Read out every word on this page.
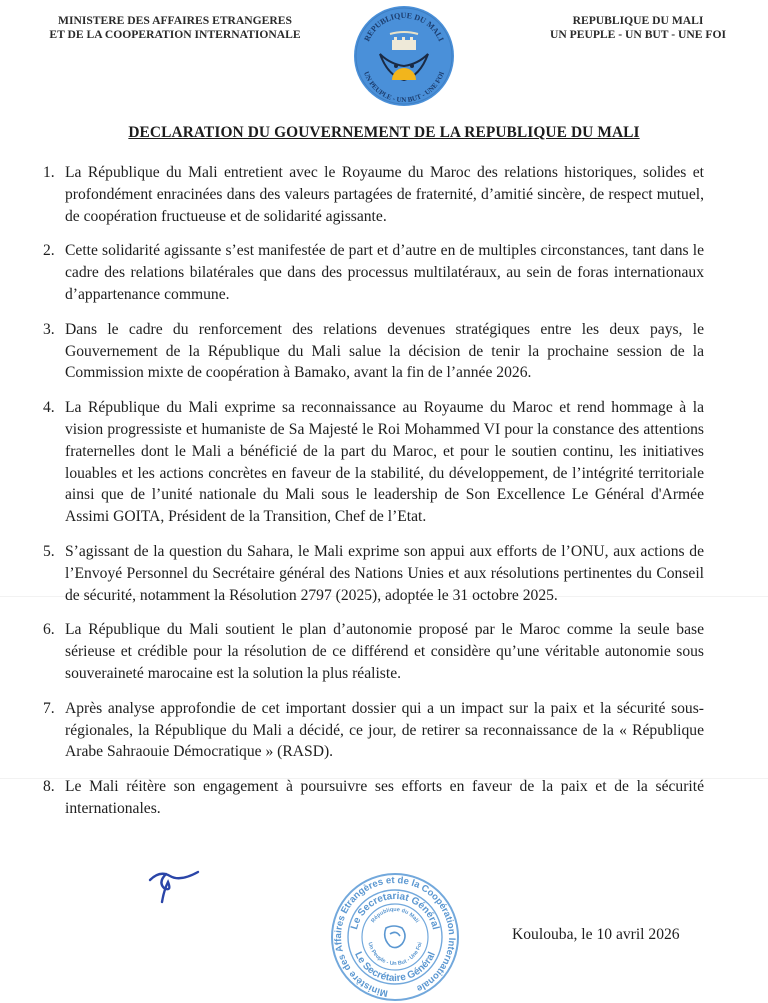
MINISTERE DES AFFAIRES ETRANGERES
ET DE LA COOPERATION INTERNATIONALE	REPUBLIQUE DU MALI
UN PEUPLE - UN BUT - UNE FOI
REPUBLIQUE DU MALI
UN PEUPLE - UN BUT - UNE FOI
DECLARATION DU GOUVERNEMENT DE LA REPUBLIQUE DU MALI
1. La République du Mali entretient avec le Royaume du Maroc des relations historiques, solides et profondément enracinées dans des valeurs partagées de fraternité, d’amitié sincère, de respect mutuel, de coopération fructueuse et de solidarité agissante.
2. Cette solidarité agissante s’est manifestée de part et d’autre en de multiples circonstances, tant dans le cadre des relations bilatérales que dans des processus multilatéraux, au sein de foras internationaux d’appartenance commune.
3. Dans le cadre du renforcement des relations devenues stratégiques entre les deux pays, le Gouvernement de la République du Mali salue la décision de tenir la prochaine session de la Commission mixte de coopération à Bamako, avant la fin de l’année 2026.
4. La République du Mali exprime sa reconnaissance au Royaume du Maroc et rend hommage à la vision progressiste et humaniste de Sa Majesté le Roi Mohammed VI pour la constance des attentions fraternelles dont le Mali a bénéficié de la part du Maroc, et pour le soutien continu, les initiatives louables et les actions concrètes en faveur de la stabilité, du développement, de l’intégrité territoriale ainsi que de l’unité nationale du Mali sous le leadership de Son Excellence Le Général d'Armée Assimi GOITA, Président de la Transition, Chef de l’Etat.
5. S’agissant de la question du Sahara, le Mali exprime son appui aux efforts de l’ONU, aux actions de l’Envoyé Personnel du Secrétaire général des Nations Unies et aux résolutions pertinentes du Conseil de sécurité, notamment la Résolution 2797 (2025), adoptée le 31 octobre 2025.
6. La République du Mali soutient le plan d’autonomie proposé par le Maroc comme la seule base sérieuse et crédible pour la résolution de ce différend et considère qu’une véritable autonomie sous souveraineté marocaine est la solution la plus réaliste.
7. Après analyse approfondie de cet important dossier qui a un impact sur la paix et la sécurité sous-régionales, la République du Mali a décidé, ce jour, de retirer sa reconnaissance de la « République Arabe Sahraouie Démocratique » (RASD).
8. Le Mali réitère son engagement à poursuivre ses efforts en faveur de la paix et de la sécurité internationales.
Ministère des Affaires Etrangères et de la Coopération Internationale
Le Secretariat Général
Le Secrétaire Général
République du Mali
Un Peuple - Un But - Une Foi
Koulouba, le 10 avril 2026
